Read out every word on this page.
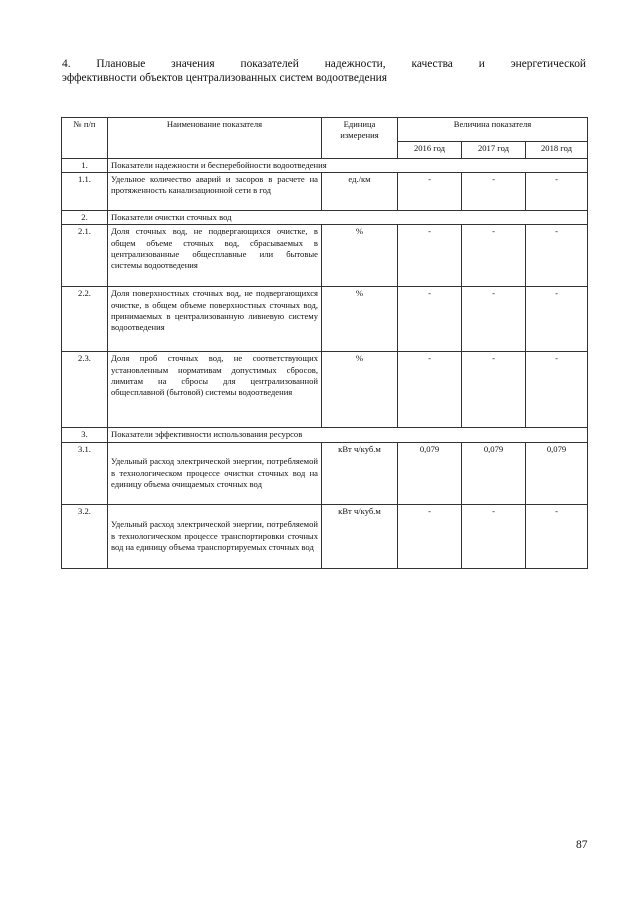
4. Плановые значения показателей надежности, качества и энергетической
эффективности объектов централизованных систем водоотведения
№ п/п	Наименование показателя	Единица измерения	Величина показателя		
			2016 год	2017 год	2018 год
1.	Показатели надежности и бесперебойности водоотведения				
1.1.	Удельное количество аварий и засоров в расчете на протяженность канализационной сети в год	ед./км	-	-	-
2.	Показатели очистки сточных вод				
2.1.	Доля сточных вод, не подвергающихся очистке, в общем объеме сточных вод, сбрасываемых в централизованные общесплавные или бытовые системы водоотведения	%	-	-	-
2.2.	Доля поверхностных сточных вод, не подвергающихся очистке, в общем объеме поверхностных сточных вод, принимаемых в централизованную ливневую систему водоотведения	%	-	-	-
2.3.	Доля проб сточных вод, не соответствующих установленным нормативам допустимых сбросов, лимитам на сбросы для централизованной общесплавной (бытовой) системы водоотведения	%	-	-	-
3.	Показатели эффективности использования ресурсов				
3.1.	Удельный расход электрической энергии, потребляемой в технологическом процессе очистки сточных вод на единицу объема очищаемых сточных вод	кВт ч/куб.м	0,079	0,079	0,079
3.2.	Удельный расход электрической энергии, потребляемой в технологическом процессе транспортировки сточных вод на единицу объема транспортируемых сточных вод	кВт ч/куб.м	-	-	-
87
